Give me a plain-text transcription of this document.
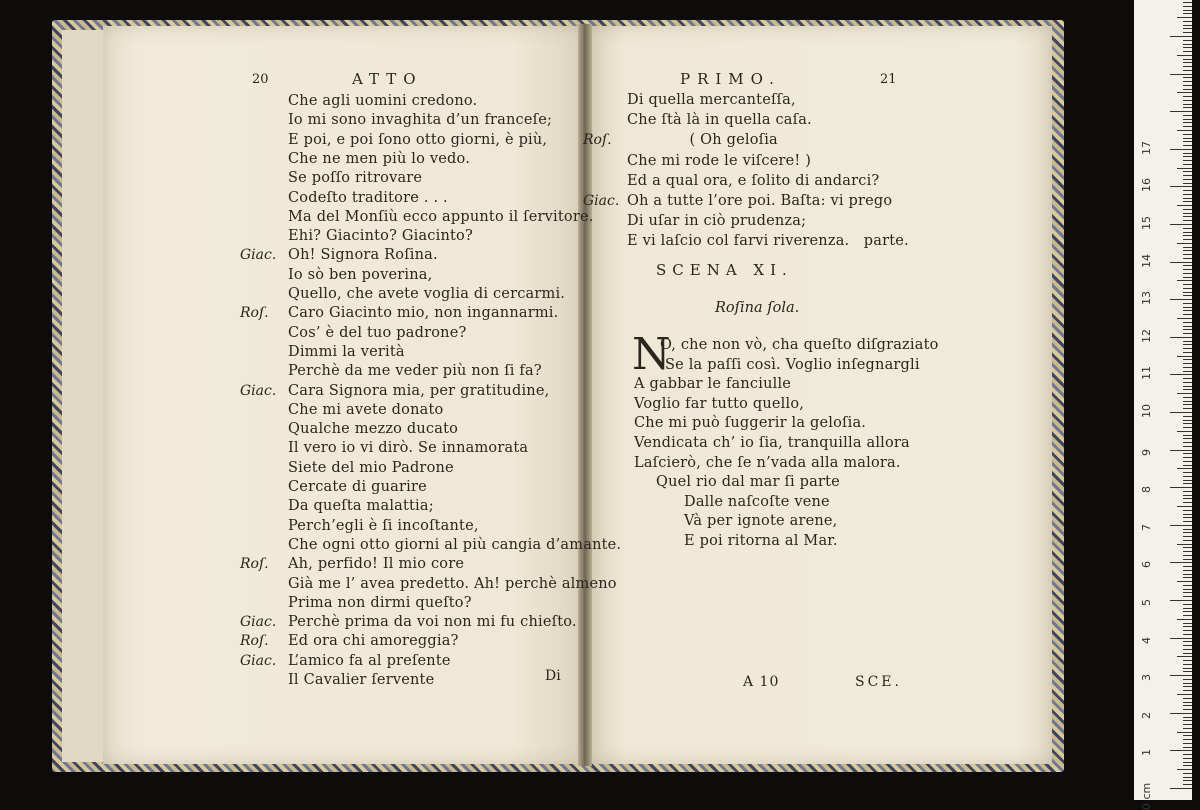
20	ATTO
Che agli uomini credono.
Io mi sono invaghita d’un franceſe;
E poi, e poi ſono otto giorni, è più,
Che ne men più lo vedo.
Se poſſo ritrovare
Codeſto traditore . . .
Ma del Monſiù ecco appunto il ſervitore.
Ehi? Giacinto? Giacinto?
Giac. Oh! Signora Roſina.
Io sò ben poverina,
Quello, che avete voglia di cercarmi.
Roſ. Caro Giacinto mio, non ingannarmi.
Cos’ è del tuo padrone?
Dimmi la verità
Perchè da me veder più non ſi fa?
Giac. Cara Signora mia, per gratitudine,
Che mi avete donato
Qualche mezzo ducato
Il vero io vi dirò. Se innamorata
Siete del mio Padrone
Cercate di guarire
Da queſta malattia;
Perch’egli è ſi incoſtante,
Che ogni otto giorni al più cangia d’amante.
Roſ. Ah, perfido! Il mio core
Già me l’ avea predetto. Ah! perchè almeno
Prima non dirmi queſto?
Giac. Perchè prima da voi non mi fu chieſto.
Roſ. Ed ora chi amoreggia?
Giac. L’amico fa al preſente
Il Cavalier ſervente	Di
PRIMO.	21
Di quella mercanteſſa,
Che ſtà là in quella caſa.
Roſ. ( Oh geloſia
Che mi rode le viſcere! )
Ed a qual ora, e ſolito di andarci?
Giac. Oh a tutte l’ore poi. Baſta: vi prego
Di uſar in ciò prudenza;
E vi laſcio col farvi riverenza.   parte.
SCENA XI.
Roſina ſola.
N
O, che non vò, cha queſto diſgraziato
Se la paſſi così. Voglio inſegnargli
A gabbar le fanciulle
Voglio far tutto quello,
Che mi può ſuggerir la geloſia.
Vendicata ch’ io ſia, tranquilla allora
Laſcierò, che ſe n’vada alla malora.
Quel rio dal mar ſi parte
Dalle naſcoſte vene
Và per ignote arene,
E poi ritorna al Mar.
A 10	SCE.
17
16
15
14
13
12
11
10
9
8
7
6
5
4
3
2
1
0 cm
